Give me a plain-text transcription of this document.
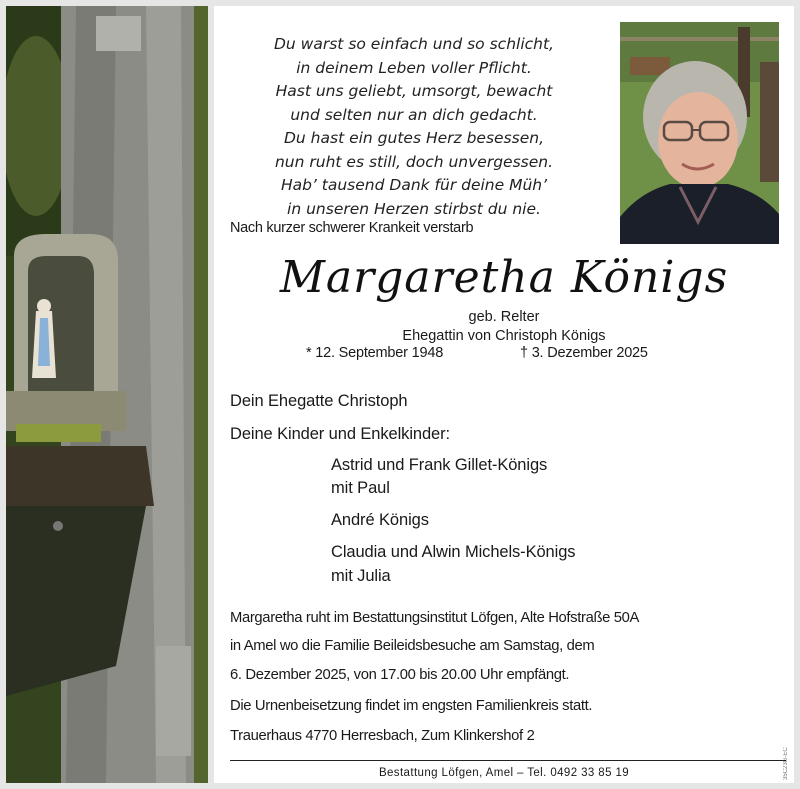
Du warst so einfach und so schlicht,
in deinem Leben voller Pflicht.
Hast uns geliebt, umsorgt, bewacht
und selten nur an dich gedacht.
Du hast ein gutes Herz besessen,
nun ruht es still, doch unvergessen.
Hab’ tausend Dank für deine Müh’
in unseren Herzen stirbst du nie.
Nach kurzer schwerer Krankeit verstarb
Margaretha Königs
geb. Relter
Ehegattin von Christoph Königs
* 12. September 1948	† 3. Dezember 2025
Dein Ehegatte Christoph
Deine Kinder und Enkelkinder:
Astrid und Frank Gillet-Königs
mit Paul
André Königs
Claudia und Alwin Michels-Königs
mit Julia
Margaretha ruht im Bestattungsinstitut Löfgen, Alte Hofstraße 50A
in Amel wo die Familie Beileidsbesuche am Samstag, dem
6. Dezember 2025, von 17.00 bis 20.00 Uhr empfängt.
Die Urnenbeisetzung findet im engsten Familienkreis statt.
Trauerhaus 4770 Herresbach, Zum Klinkershof 2
Bestattung Löfgen, Amel – Tel. 0492 33 85 19	35C23G-EC
